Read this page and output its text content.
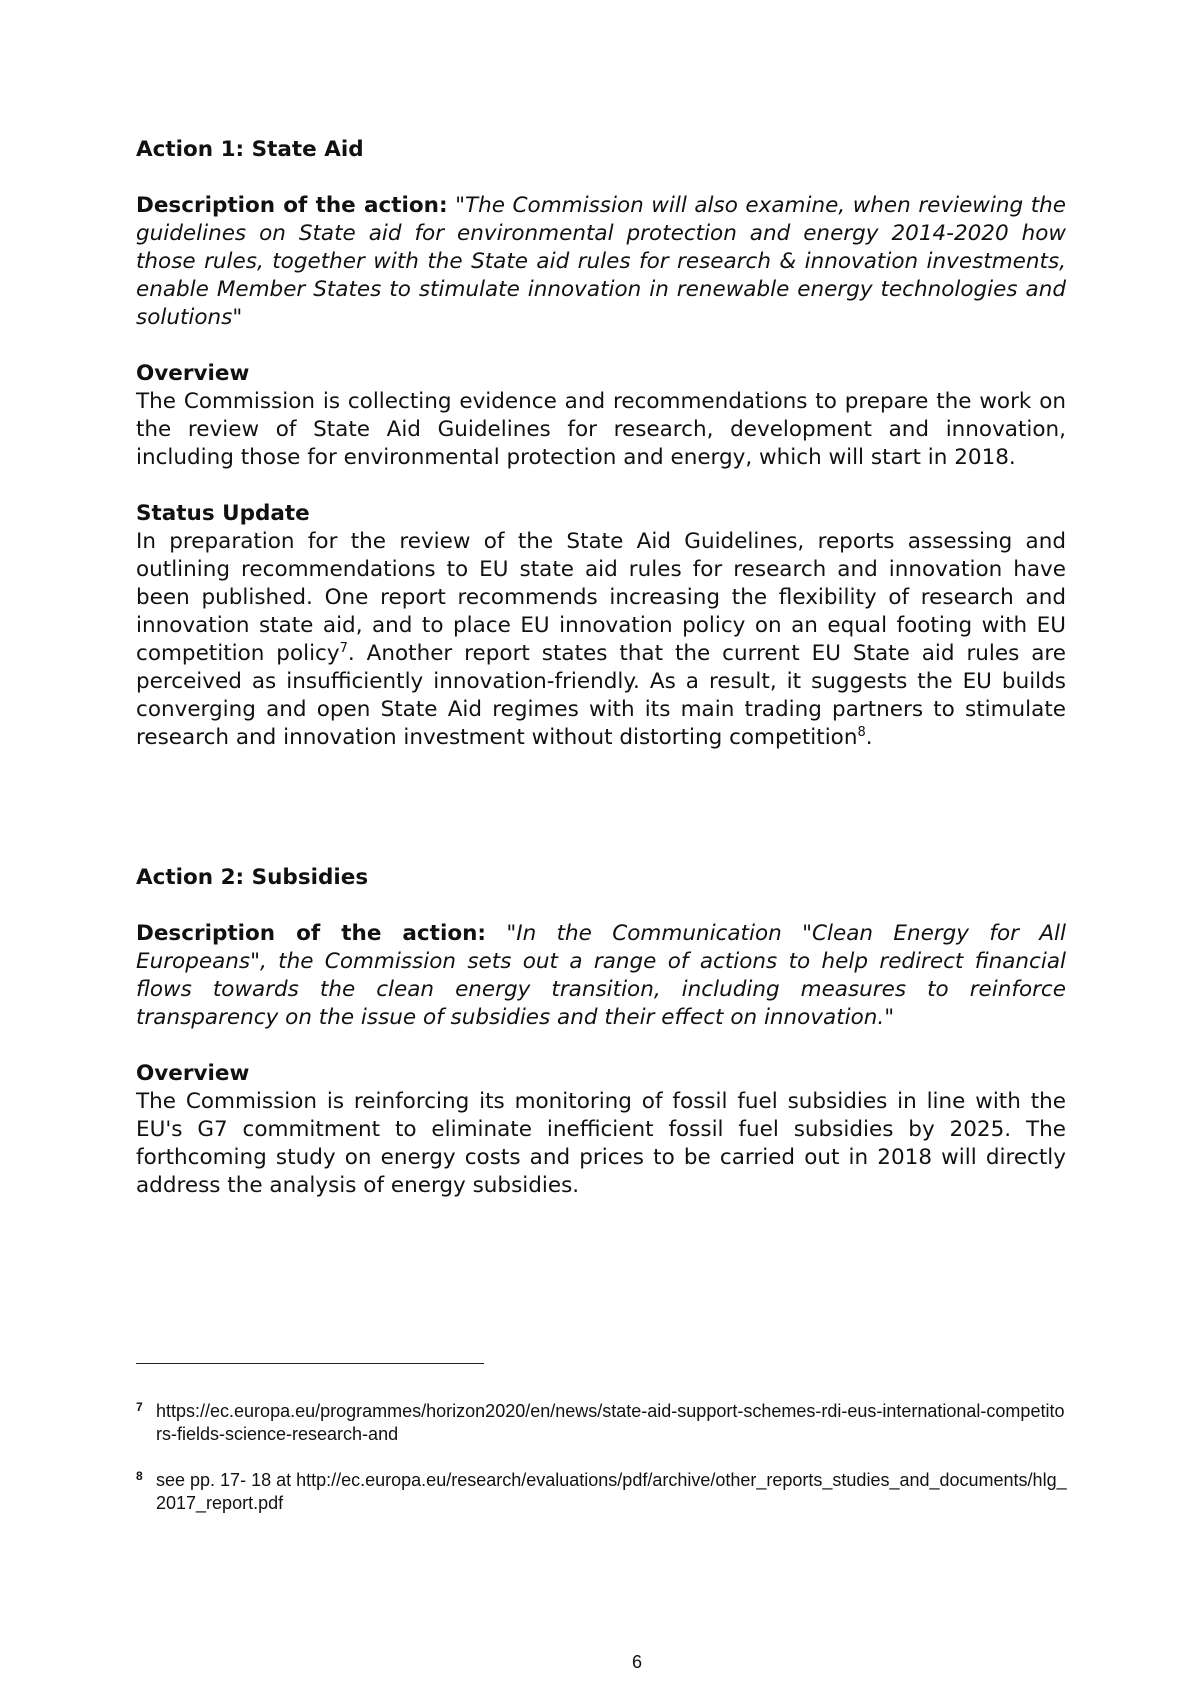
Action 1: State Aid

Description of the action: "The Commission will also examine, when reviewing the guidelines on State aid for environmental protection and energy 2014-2020 how those rules, together with the State aid rules for research & innovation investments, enable Member States to stimulate innovation in renewable energy technologies and solutions"

Overview

The Commission is collecting evidence and recommendations to prepare the work on the review of State Aid Guidelines for research, development and innovation, including those for environmental protection and energy, which will start in 2018.

Status Update

In preparation for the review of the State Aid Guidelines, reports assessing and outlining recommendations to EU state aid rules for research and innovation have been published. One report recommends increasing the flexibility of research and innovation state aid, and to place EU innovation policy on an equal footing with EU competition policy$^7$. Another report states that the current EU State aid rules are perceived as insufficiently innovation-friendly. As a result, it suggests the EU builds converging and open State Aid regimes with its main trading partners to stimulate research and innovation investment without distorting competition$^8$.

Action 2: Subsidies

Description of the action: "In the Communication "Clean Energy for All Europeans", the Commission sets out a range of actions to help redirect financial flows towards the clean energy transition, including measures to reinforce transparency on the issue of subsidies and their effect on innovation."

Overview

The Commission is reinforcing its monitoring of fossil fuel subsidies in line with the EU's G7 commitment to eliminate inefficient fossil fuel subsidies by 2025. The forthcoming study on energy costs and prices to be carried out in 2018 will directly address the analysis of energy subsidies.

7 https://ec.europa.eu/programmes/horizon2020/en/news/state-aid-support-schemes-rdi-eus-international-competitors-fields-science-research-and
8 see pp. 17- 18 at http://ec.europa.eu/research/evaluations/pdf/archive/other_reports_studies_and_documents/hlg_2017_report.pdf
6
